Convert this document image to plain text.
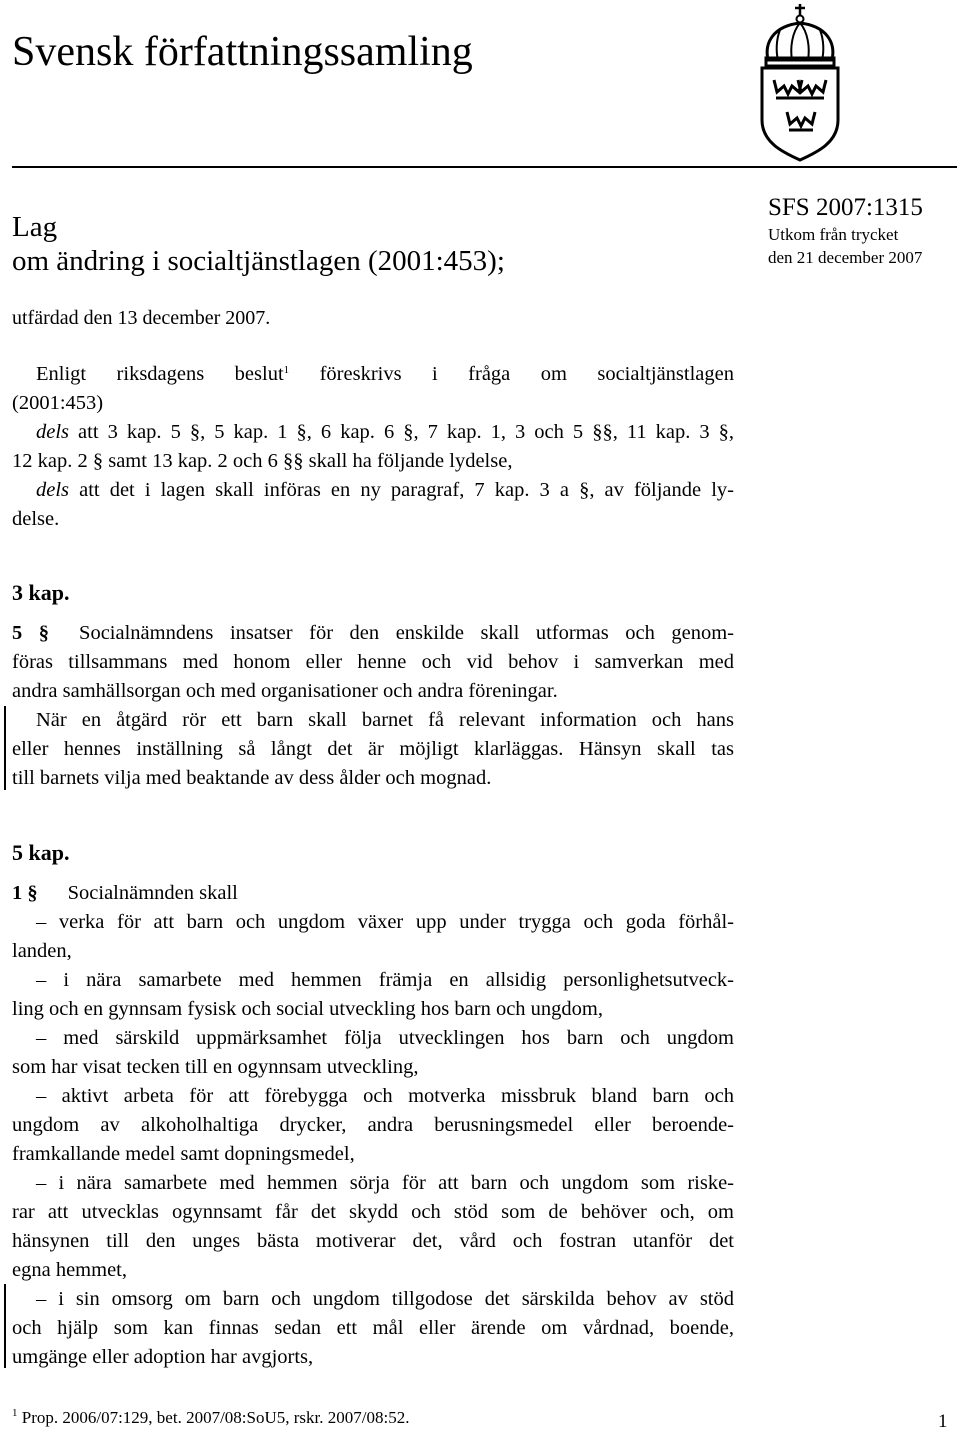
Svensk författningssamling
Lag
om ändring i socialtjänstlagen (2001:453);
SFS 2007:1315
Utkom från trycket
den 21 december 2007
utfärdad den 13 december 2007.
Enligt riksdagens beslut$^1$ föreskrivs i fråga om socialtjänstlagen
(2001:453)
dels att 3 kap. 5 §, 5 kap. 1 §, 6 kap. 6 §, 7 kap. 1, 3 och 5 §§, 11 kap. 3 §,
12 kap. 2 § samt 13 kap. 2 och 6 §§ skall ha följande lydelse,
dels att det i lagen skall införas en ny paragraf, 7 kap. 3 a §, av följande ly-
delse.
3 kap.
5 § Socialnämndens insatser för den enskilde skall utformas och genom-
föras tillsammans med honom eller henne och vid behov i samverkan med
andra samhällsorgan och med organisationer och andra föreningar.
När en åtgärd rör ett barn skall barnet få relevant information och hans
eller hennes inställning så långt det är möjligt klarläggas. Hänsyn skall tas
till barnets vilja med beaktande av dess ålder och mognad.
5 kap.
1 § Socialnämnden skall
– verka för att barn och ungdom växer upp under trygga och goda förhål-
landen,
– i nära samarbete med hemmen främja en allsidig personlighetsutveck-
ling och en gynnsam fysisk och social utveckling hos barn och ungdom,
– med särskild uppmärksamhet följa utvecklingen hos barn och ungdom
som har visat tecken till en ogynnsam utveckling,
– aktivt arbeta för att förebygga och motverka missbruk bland barn och
ungdom av alkoholhaltiga drycker, andra berusningsmedel eller beroende-
framkallande medel samt dopningsmedel,
– i nära samarbete med hemmen sörja för att barn och ungdom som riske-
rar att utvecklas ogynnsamt får det skydd och stöd som de behöver och, om
hänsynen till den unges bästa motiverar det, vård och fostran utanför det
egna hemmet,
– i sin omsorg om barn och ungdom tillgodose det särskilda behov av stöd
och hjälp som kan finnas sedan ett mål eller ärende om vårdnad, boende,
umgänge eller adoption har avgjorts,
$^1$ Prop. 2006/07:129, bet. 2007/08:SoU5, rskr. 2007/08:52.	1
